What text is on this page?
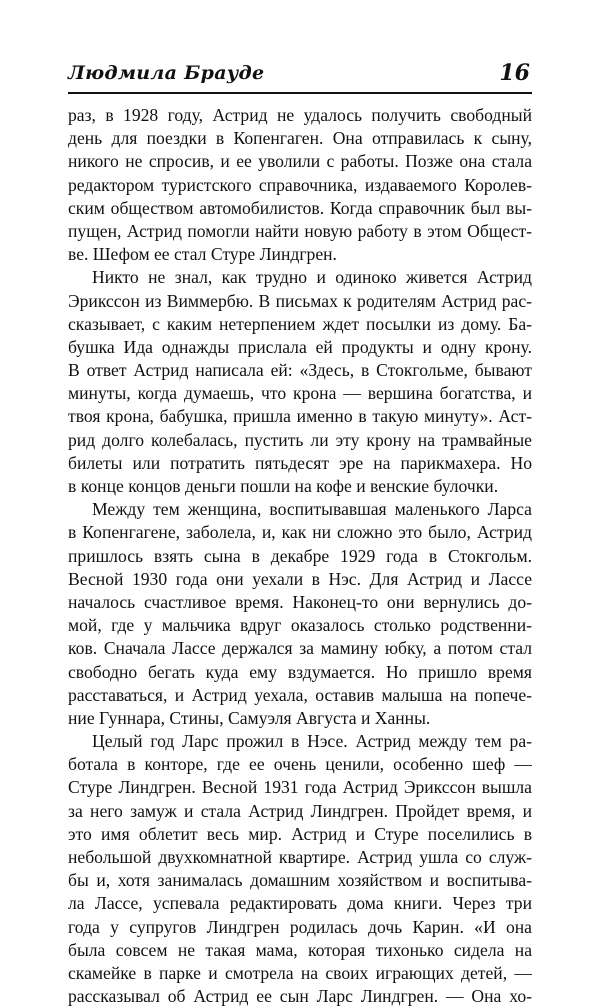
Людмила Брауде	16
раз, в 1928 году, Астрид не удалось получить свободный
день для поездки в Копенгаген. Она отправилась к сыну,
никого не спросив, и ее уволили с работы. Позже она стала
редактором туристского справочника, издаваемого Королев-
ским обществом автомобилистов. Когда справочник был вы-
пущен, Астрид помогли найти новую работу в этом Общест-
ве. Шефом ее стал Стуре Линдгрен.
Никто не знал, как трудно и одиноко живется Астрид
Эрикссон из Виммербю. В письмах к родителям Астрид рас-
сказывает, с каким нетерпением ждет посылки из дому. Ба-
бушка Ида однажды прислала ей продукты и одну крону.
В ответ Астрид написала ей: «Здесь, в Стокгольме, бывают
минуты, когда думаешь, что крона — вершина богатства, и
твоя крона, бабушка, пришла именно в такую минуту». Аст-
рид долго колебалась, пустить ли эту крону на трамвайные
билеты или потратить пятьдесят эре на парикмахера. Но
в конце концов деньги пошли на кофе и венские булочки.
Между тем женщина, воспитывавшая маленького Ларса
в Копенгагене, заболела, и, как ни сложно это было, Астрид
пришлось взять сына в декабре 1929 года в Стокгольм.
Весной 1930 года они уехали в Нэс. Для Астрид и Лассе
началось счастливое время. Наконец-то они вернулись до-
мой, где у мальчика вдруг оказалось столько родственни-
ков. Сначала Лассе держался за мамину юбку, а потом стал
свободно бегать куда ему вздумается. Но пришло время
расставаться, и Астрид уехала, оставив малыша на попече-
ние Гуннара, Стины, Самуэля Августа и Ханны.
Целый год Ларс прожил в Нэсе. Астрид между тем ра-
ботала в конторе, где ее очень ценили, особенно шеф —
Стуре Линдгрен. Весной 1931 года Астрид Эрикссон вышла
за него замуж и стала Астрид Линдгрен. Пройдет время, и
это имя облетит весь мир. Астрид и Стуре поселились в
небольшой двухкомнатной квартире. Астрид ушла со служ-
бы и, хотя занималась домашним хозяйством и воспитыва-
ла Лассе, успевала редактировать дома книги. Через три
года у супругов Линдгрен родилась дочь Карин. «И она
была совсем не такая мама, которая тихонько сидела на
скамейке в парке и смотрела на своих играющих детей, —
рассказывал об Астрид ее сын Ларс Линдгрен. — Она хо-
